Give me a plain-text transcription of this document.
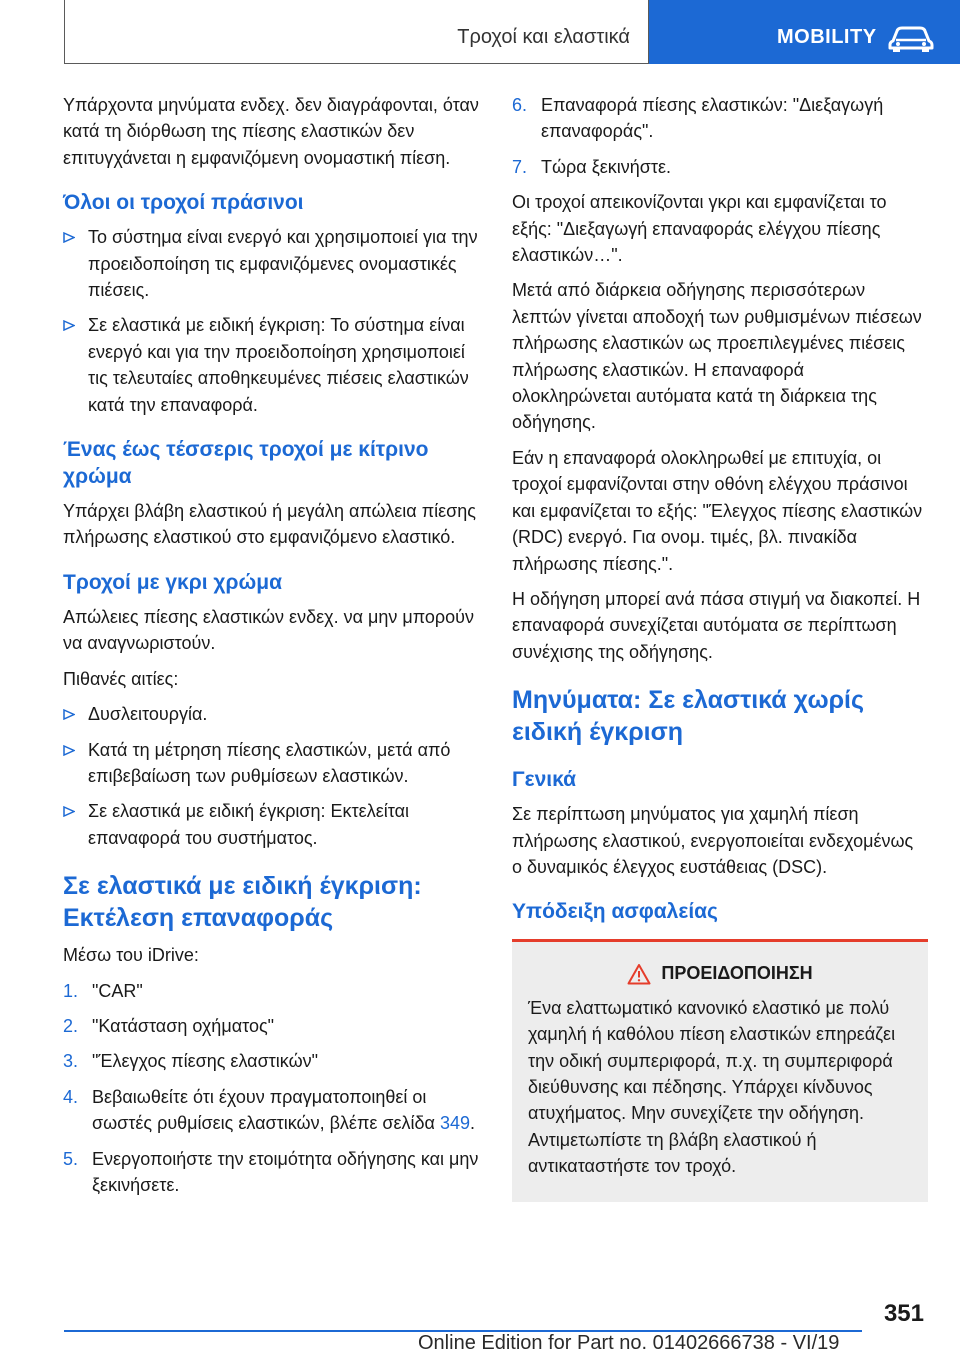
Τροχοί και ελαστικά	MOBILITY

Υπάρχοντα μηνύματα ενδεχ. δεν διαγράφονται, όταν κατά τη διόρθωση της πίεσης ελαστικών δεν επιτυγχάνεται η εμφανιζόμενη ονομαστική πίεση.

Όλοι οι τροχοί πράσινοι
Το σύστημα είναι ενεργό και χρησιμοποιεί για την προειδοποίηση τις εμφανιζόμενες ονομαστικές πιέσεις.
Σε ελαστικά με ειδική έγκριση: Το σύστημα είναι ενεργό και για την προειδοποίηση χρησιμοποιεί τις τελευταίες αποθηκευμένες πιέσεις ελαστικών κατά την επαναφορά.
Ένας έως τέσσερις τροχοί με κίτρινο χρώμα

Υπάρχει βλάβη ελαστικού ή μεγάλη απώλεια πίεσης πλήρωσης ελαστικού στο εμφανιζόμενο ελαστικό.

Τροχοί με γκρι χρώμα

Απώλειες πίεσης ελαστικών ενδεχ. να μην μπορούν να αναγνωριστούν.

Πιθανές αιτίες:

Δυσλειτουργία.
Κατά τη μέτρηση πίεσης ελαστικών, μετά από επιβεβαίωση των ρυθμίσεων ελαστικών.
Σε ελαστικά με ειδική έγκριση: Εκτελείται επαναφορά του συστήματος.
Σε ελαστικά με ειδική έγκριση: Εκτέλεση επαναφοράς

Μέσω του iDrive:

1. "CAR"
2. "Κατάσταση οχήματος"
3. "Έλεγχος πίεσης ελαστικών"
4. Βεβαιωθείτε ότι έχουν πραγματοποιηθεί οι σωστές ρυθμίσεις ελαστικών, βλέπε σελίδα 349.
5. Ενεργοποιήστε την ετοιμότητα οδήγησης και μην ξεκινήσετε.
6. Επαναφορά πίεσης ελαστικών: "Διεξαγωγή επαναφοράς".
7. Τώρα ξεκινήστε.

Οι τροχοί απεικονίζονται γκρι και εμφανίζεται το εξής: "Διεξαγωγή επαναφοράς ελέγχου πίεσης ελαστικών…".

Μετά από διάρκεια οδήγησης περισσότερων λεπτών γίνεται αποδοχή των ρυθμισμένων πιέσεων πλήρωσης ελαστικών ως προεπιλεγμένες πιέσεις πλήρωσης ελαστικών. Η επαναφορά ολοκληρώνεται αυτόματα κατά τη διάρκεια της οδήγησης.

Εάν η επαναφορά ολοκληρωθεί με επιτυχία, οι τροχοί εμφανίζονται στην οθόνη ελέγχου πράσινοι και εμφανίζεται το εξής: "Έλεγχος πίεσης ελαστικών (RDC) ενεργό. Για ονομ. τιμές, βλ. πινακίδα πλήρωσης πίεσης.".

Η οδήγηση μπορεί ανά πάσα στιγμή να διακοπεί. Η επαναφορά συνεχίζεται αυτόματα σε περίπτωση συνέχισης της οδήγησης.

Μηνύματα: Σε ελαστικά χωρίς ειδική έγκριση
Γενικά

Σε περίπτωση μηνύματος για χαμηλή πίεση πλήρωσης ελαστικού, ενεργοποιείται ενδεχομένως ο δυναμικός έλεγχος ευστάθειας (DSC).

Υπόδειξη ασφαλείας
ΠΡΟΕΙΔΟΠΟΙΗΣΗ
Ένα ελαττωματικό κανονικό ελαστικό με πολύ χαμηλή ή καθόλου πίεση ελαστικών επηρεάζει την οδική συμπεριφορά, π.χ. τη συμπεριφορά διεύθυνσης και πέδησης. Υπάρχει κίνδυνος ατυχήματος. Μην συνεχίζετε την οδήγηση. Αντιμετωπίστε τη βλάβη ελαστικού ή αντικαταστήστε τον τροχό.
351
Online Edition for Part no. 01402666738 - VI/19
